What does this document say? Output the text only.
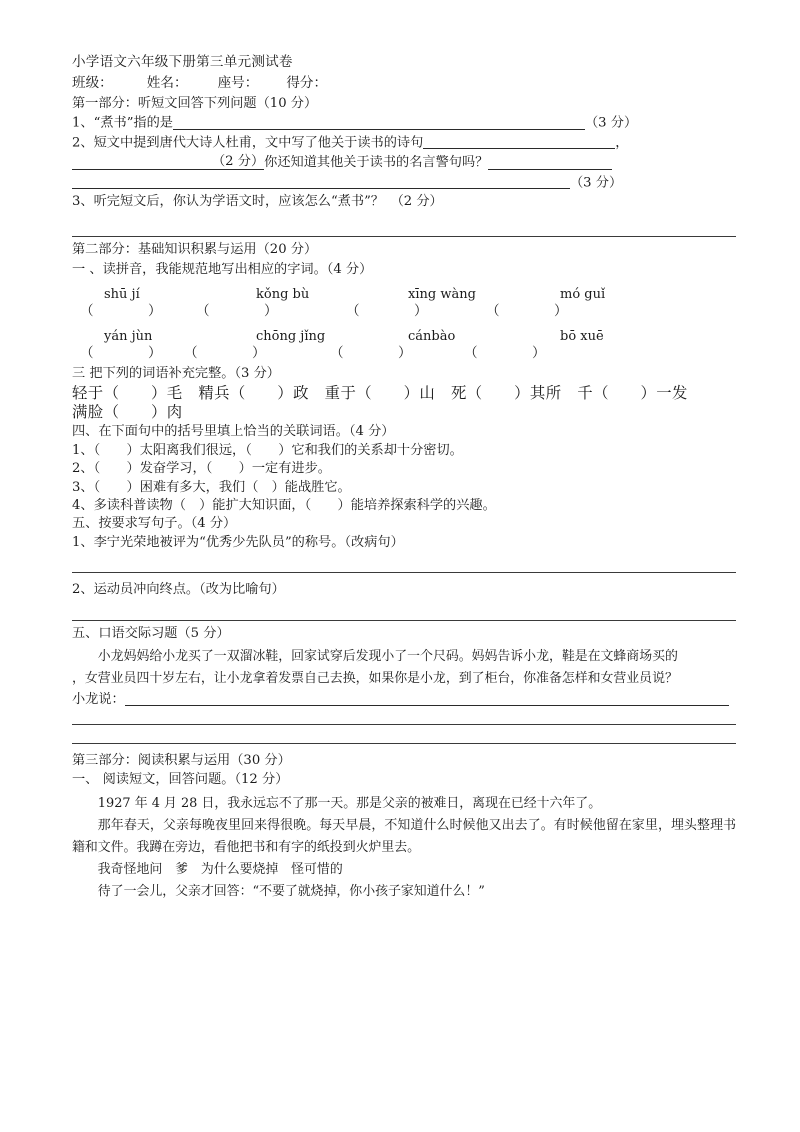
小学语文六年级下册第三单元测试卷
班级：	姓名： 座号： 得分：
第一部分：听短文回答下列问题（10 分）
1、“煮书”指的是	（3 分）
2、短文中提到唐代大诗人杜甫，文中写了他关于读书的诗句	，
（2 分）你还知道其他关于读书的名言警句吗？
（3 分）
3、听完短文后，你认为学语文时，应该怎么“煮书”？　（2 分）
第二部分：基础知识积累与运用（20 分）
一 、读拼音，我能规范地写出相应的字词。（4 分）
shū jí	kǒng bù	xīng wàng	mó guǐ
（　　　　）	（　　　　）	（　　　　）	（　　　　）
yán jùn	chōng jǐng	cánbào	bō xuē
（　　　　）	（　　　　）	（　　　　）	（　　　　）
三 把下列的词语补充完整。（3 分）
轻于（　　）毛　精兵（　　）政　重于（　　）山　死（　　）其所　千（　　）一发
满脸（　　）肉
四、在下面句中的括号里填上恰当的关联词语。（4 分）
1、（　　）太阳离我们很远，（　　）它和我们的关系却十分密切。
2、（　　）发奋学习，（　　）一定有进步。
3、（　　）困难有多大，我们（　）能战胜它。
4、多读科普读物（　）能扩大知识面，（　　）能培养探索科学的兴趣。
五、按要求写句子。（4 分）
1、李宁光荣地被评为“优秀少先队员”的称号。（改病句）
2、运动员冲向终点。（改为比喻句）
五、口语交际习题（5 分）
小龙妈妈给小龙买了一双溜冰鞋，回家试穿后发现小了一个尺码。妈妈告诉小龙，鞋是在文蜂商场买的
，女营业员四十岁左右，让小龙拿着发票自己去换，如果你是小龙，到了柜台，你准备怎样和女营业员说？
小龙说：
第三部分：阅读积累与运用（30 分）
一、 阅读短文，回答问题。（12 分）
1927 年 4 月 28 日，我永远忘不了那一天。那是父亲的被难日，离现在已经十六年了。
那年春天，父亲每晚夜里回来得很晚。每天早晨，不知道什么时候他又出去了。有时候他留在家里，埋头整理书籍和文件。我蹲在旁边，看他把书和有字的纸投到火炉里去。
我奇怪地问　爹　为什么要烧掉　怪可惜的
待了一会儿，父亲才回答：“不要了就烧掉，你小孩子家知道什么！”
